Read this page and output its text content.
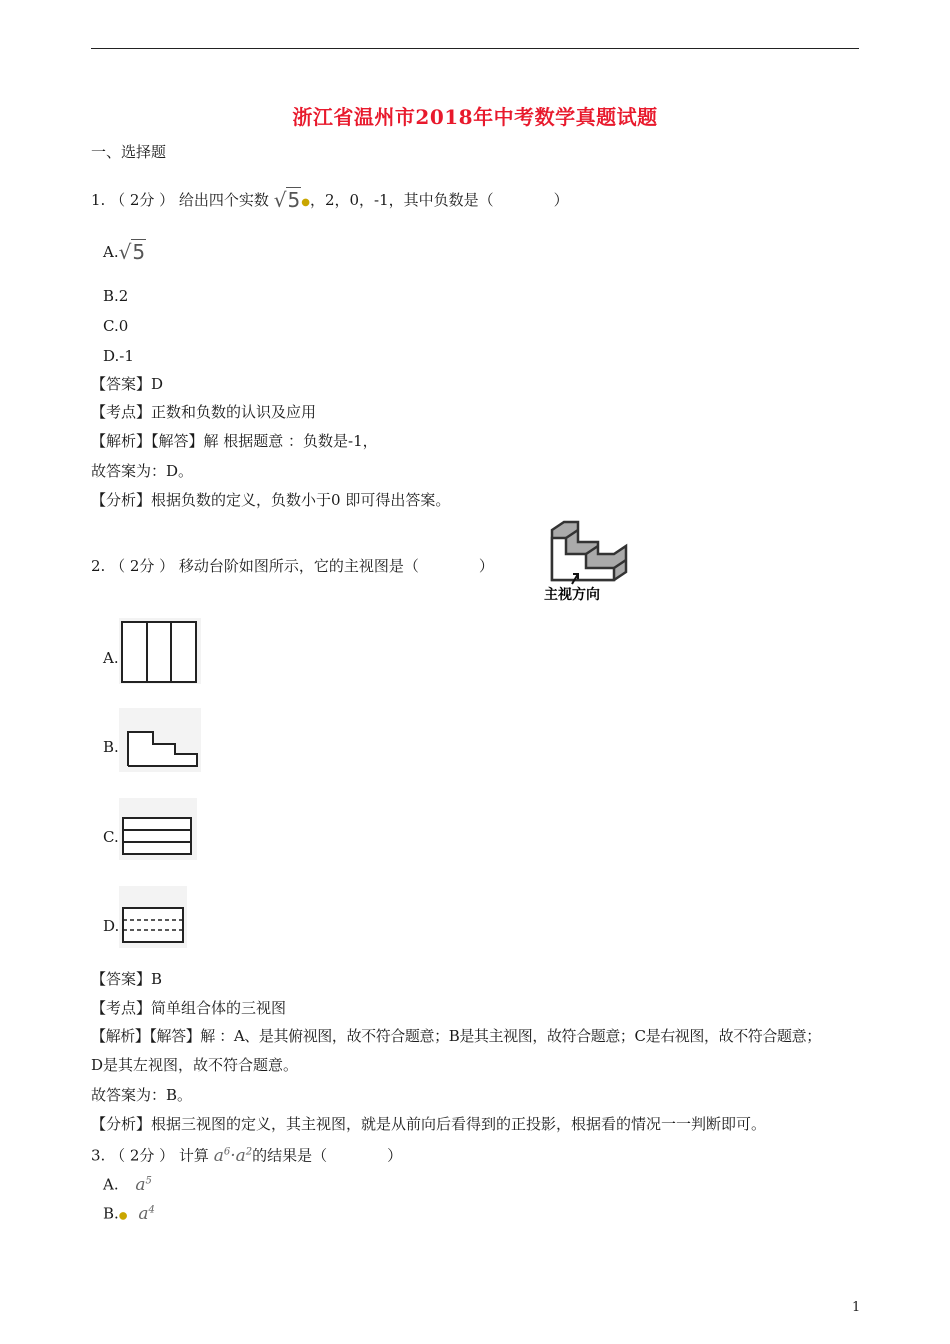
浙江省温州市2018年中考数学真题试题
一、选择题
1. （ 2分 ） 给出四个实数 √5●，2，0，-1，其中负数是（　　　　）
A.√5
B.2
C.0
D.-1
【答案】D
【考点】正数和负数的认识及应用
【解析】【解答】解 根据题意 ：负数是-1，
故答案为：D。
【分析】根据负数的定义，负数小于0 即可得出答案。
2. （ 2分 ） 移动台阶如图所示，它的主视图是（　　　　）
主视方向
A.
B.
C.
D.
【答案】B
【考点】简单组合体的三视图
【解析】【解答】解 ：A、是其俯视图，故不符合题意；B是其主视图，故符合题意；C是右视图，故不符合题意；
D是其左视图，故不符合题意。
故答案为：B。
【分析】根据三视图的定义，其主视图，就是从前向后看得到的正投影，根据看的情况一一判断即可。
3. （ 2分 ） 计算 $a^6\cdot a^2$的结果是（　　　　）
A. $a^5$
B.● $a^4$
1
